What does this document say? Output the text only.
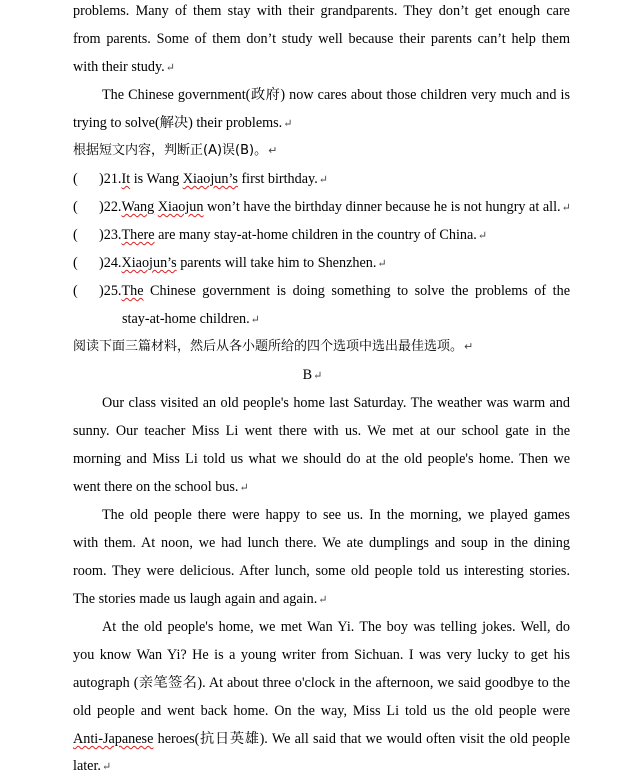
problems. Many of them stay with their grandparents. They don’t get enough care
from parents. Some of them don’t study well because their parents can’t help them
with their study.↵
The Chinese government(政府) now cares about those children very much and is
trying to solve(解决) their problems.↵
根据短文内容，判断正(A)误(B)。↵
( )21.It is Wang Xiaojun’s first birthday.↵
( )22.Wang Xiaojun won’t have the birthday dinner because he is not hungry at all.↵
( )23.There are many stay-at-home children in the country of China.↵
( )24.Xiaojun’s parents will take him to Shenzhen.↵
( )25.The Chinese government is doing something to solve the problems of the
stay-at-home children.↵
阅读下面三篇材料，然后从各小题所给的四个选项中选出最佳选项。↵
B↵
Our class visited an old people's home last Saturday. The weather was warm and
sunny. Our teacher Miss Li went there with us. We met at our school gate in the
morning and Miss Li told us what we should do at the old people's home. Then we
went there on the school bus.↵
The old people there were happy to see us. In the morning, we played games
with them. At noon, we had lunch there. We ate dumplings and soup in the dining
room. They were delicious. After lunch, some old people told us interesting stories.
The stories made us laugh again and again.↵
At the old people's home, we met Wan Yi. The boy was telling jokes. Well, do
you know Wan Yi? He is a young writer from Sichuan. I was very lucky to get his
autograph (亲笔签名). At about three o'clock in the afternoon, we said goodbye to the
old people and went back home. On the way, Miss Li told us the old people were
Anti-Japanese heroes(抗日英雄). We all said that we would often visit the old people
later.↵
